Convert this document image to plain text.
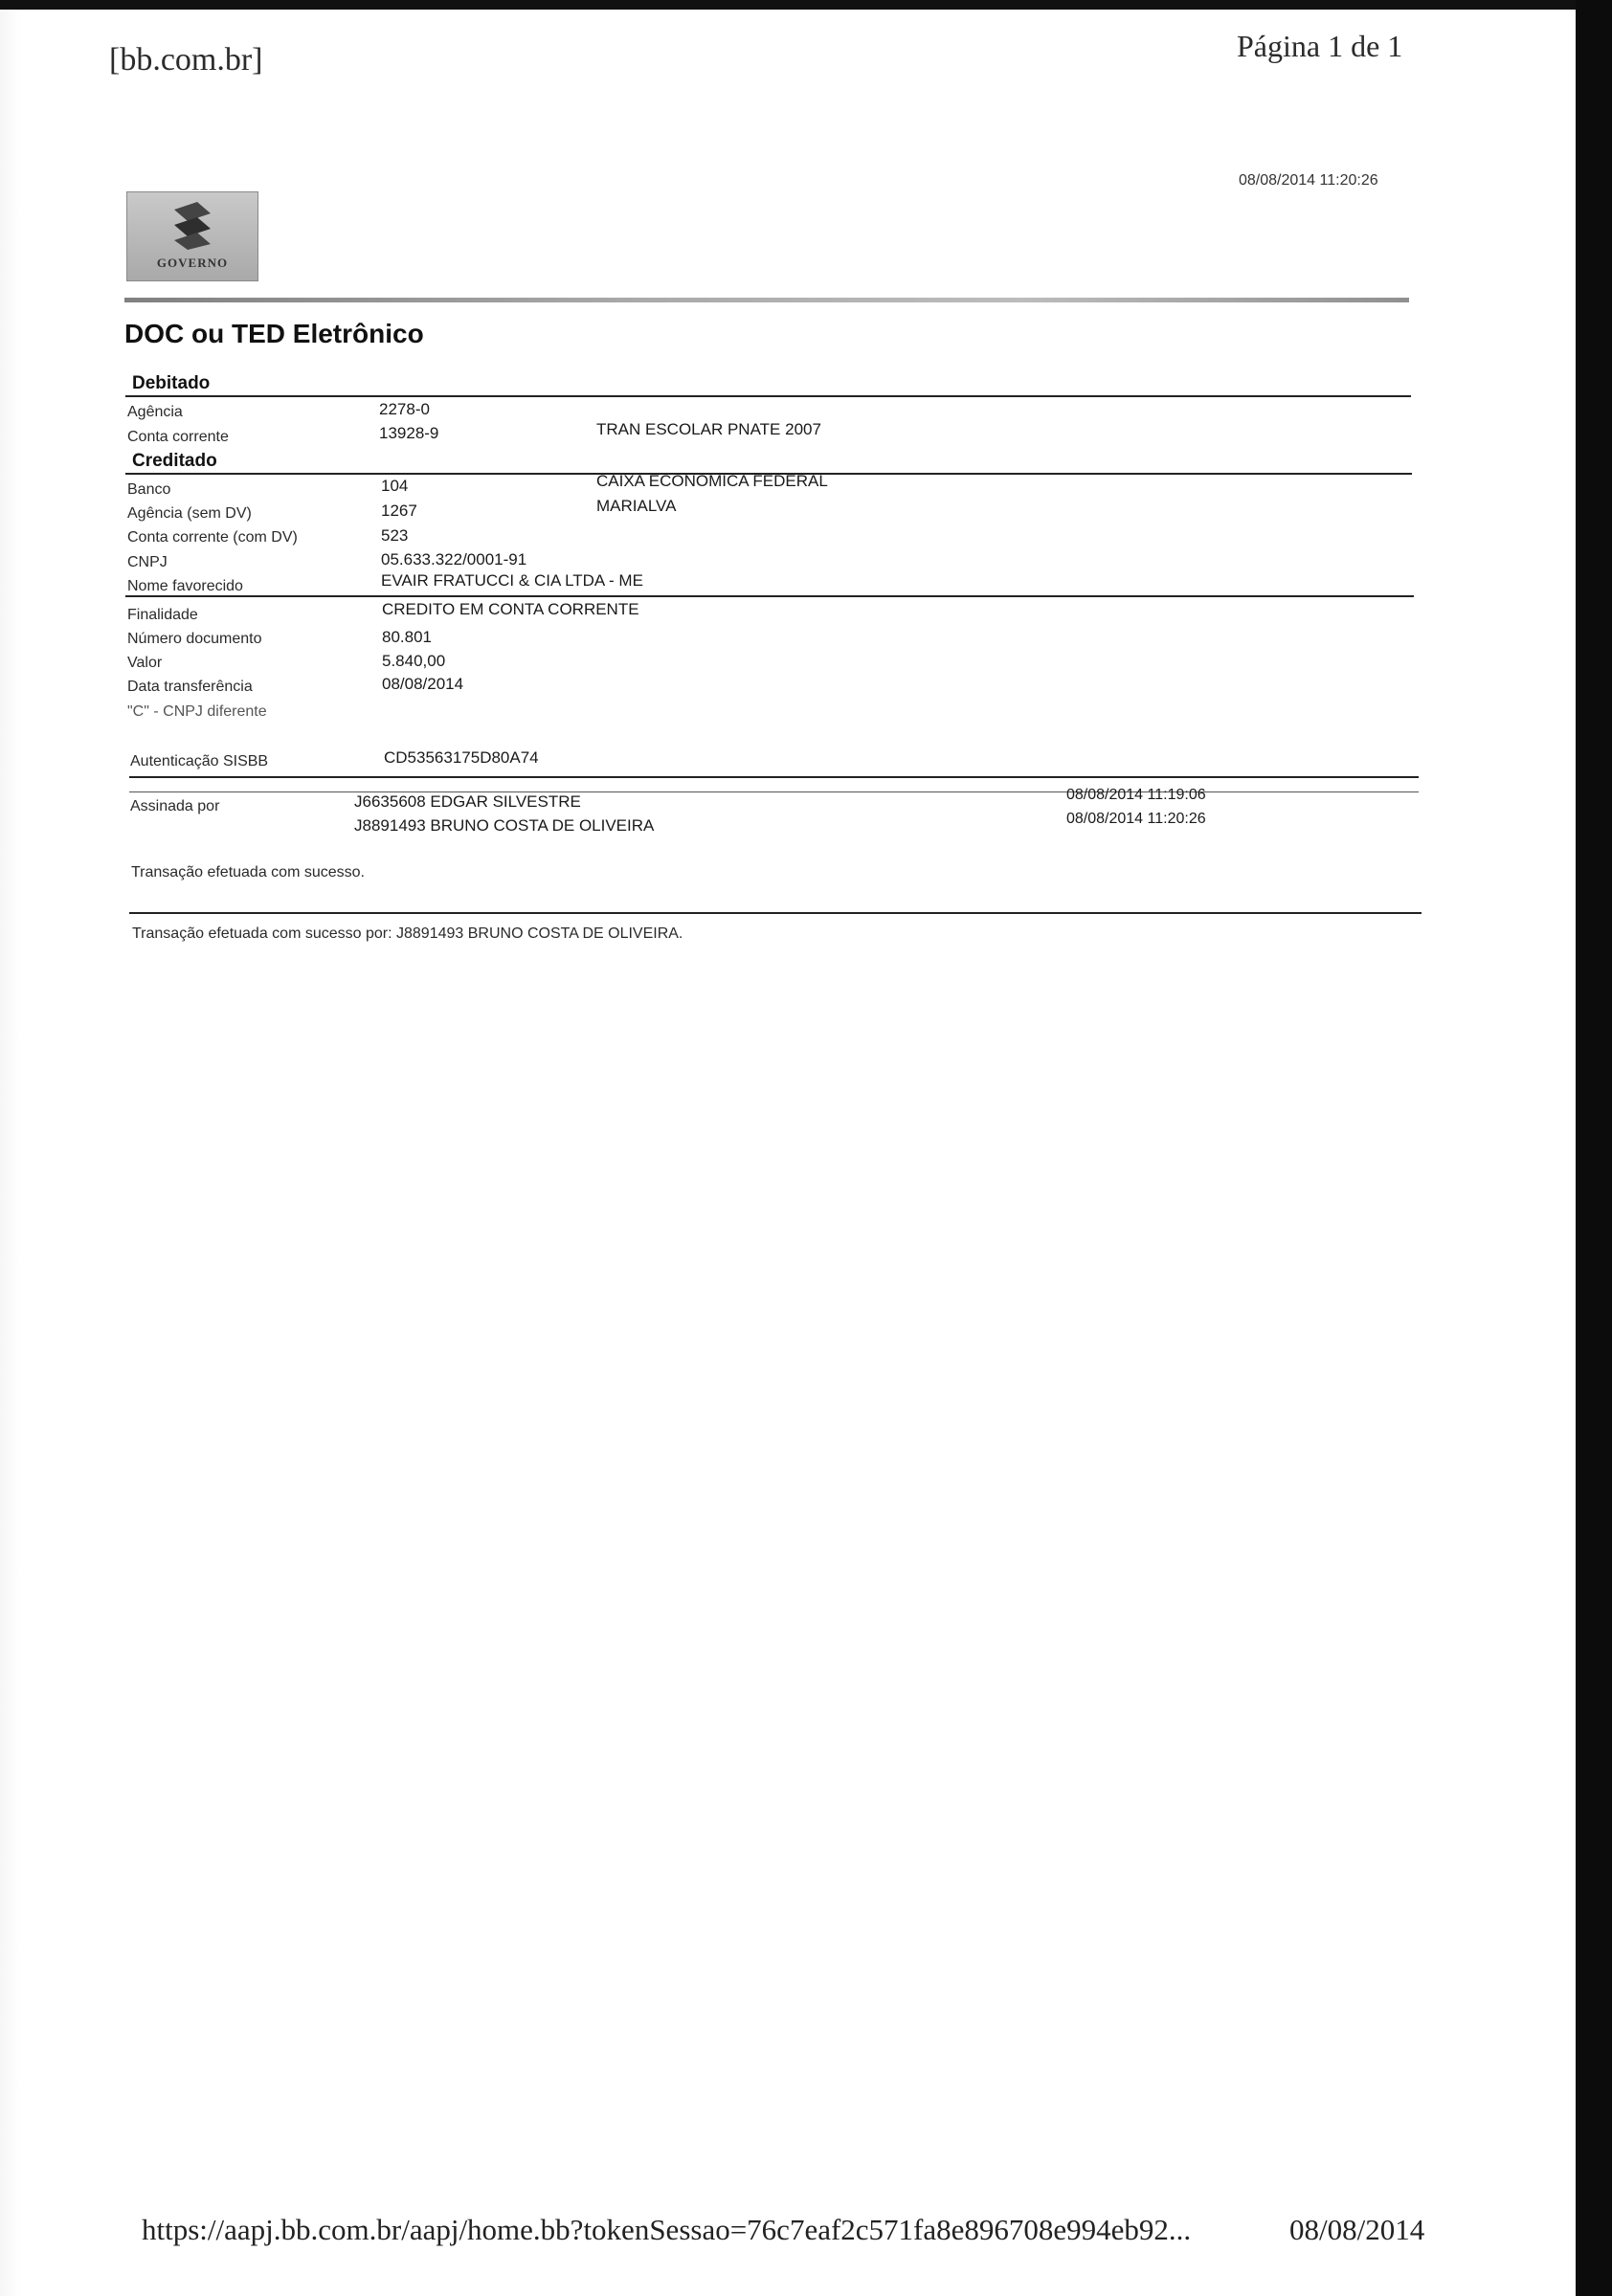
[bb.com.br]	Página 1 de 1
08/08/2014 11:20:26
GOVERNO
DOC ou TED Eletrônico
Debitado
Agência	2278-0
Conta corrente	13928-9	TRAN ESCOLAR PNATE 2007
Creditado
Banco	104	CAIXA ECONOMICA FEDERAL
Agência (sem DV)	1267	MARIALVA
Conta corrente (com DV)	523
CNPJ	05.633.322/0001-91
Nome favorecido	EVAIR FRATUCCI & CIA LTDA - ME
Finalidade	CREDITO EM CONTA CORRENTE
Número documento	80.801
Valor	5.840,00
Data transferência	08/08/2014
"C" - CNPJ diferente
Autenticação SISBB	CD53563175D80A74
Assinada por	J6635608 EDGAR SILVESTRE	08/08/2014 11:19:06
J8891493 BRUNO COSTA DE OLIVEIRA	08/08/2014 11:20:26
Transação efetuada com sucesso.
Transação efetuada com sucesso por: J8891493 BRUNO COSTA DE OLIVEIRA.
https://aapj.bb.com.br/aapj/home.bb?tokenSessao=76c7eaf2c571fa8e896708e994eb92...	08/08/2014
